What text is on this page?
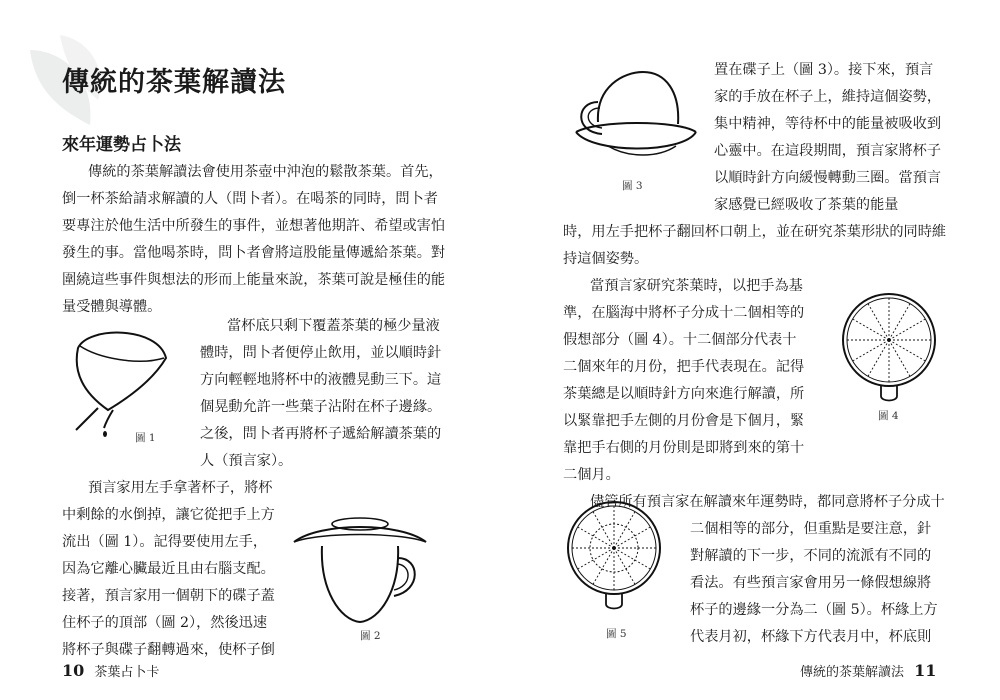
傳統的茶葉解讀法
來年運勢占卜法
傳統的茶葉解讀法會使用茶壺中沖泡的鬆散茶葉。首先，
倒一杯茶給請求解讀的人（問卜者）。在喝茶的同時，問卜者
要專注於他生活中所發生的事件，並想著他期許、希望或害怕
發生的事。當他喝茶時，問卜者會將這股能量傳遞給茶葉。對
圍繞這些事件與想法的形而上能量來說，茶葉可說是極佳的能
量受體與導體。
圖 1
當杯底只剩下覆蓋茶葉的極少量液
體時，問卜者便停止飲用，並以順時針
方向輕輕地將杯中的液體晃動三下。這
個晃動允許一些葉子沾附在杯子邊緣。
之後，問卜者再將杯子遞給解讀茶葉的
人（預言家）。
預言家用左手拿著杯子，將杯
中剩餘的水倒掉，讓它從把手上方
流出（圖 1）。記得要使用左手，
因為它離心臟最近且由右腦支配。
接著，預言家用一個朝下的碟子蓋
住杯子的頂部（圖 2），然後迅速
將杯子與碟子翻轉過來，使杯子倒
圖 2
10 茶葉占卜卡
圖 3
置在碟子上（圖 3）。接下來，預言
家的手放在杯子上，維持這個姿勢，
集中精神，等待杯中的能量被吸收到
心靈中。在這段期間，預言家將杯子
以順時針方向緩慢轉動三圈。當預言
家感覺已經吸收了茶葉的能量
時，用左手把杯子翻回杯口朝上，並在研究茶葉形狀的同時維
持這個姿勢。
當預言家研究茶葉時，以把手為基
準，在腦海中將杯子分成十二個相等的
假想部分（圖 4）。十二個部分代表十
二個來年的月份，把手代表現在。記得
茶葉總是以順時針方向來進行解讀，所
以緊靠把手左側的月份會是下個月，緊
靠把手右側的月份則是即將到來的第十
二個月。
圖 4
儘管所有預言家在解讀來年運勢時，都同意將杯子分成十
二個相等的部分，但重點是要注意，針
對解讀的下一步，不同的流派有不同的
看法。有些預言家會用另一條假想線將
杯子的邊緣一分為二（圖 5）。杯緣上方
代表月初，杯緣下方代表月中，杯底則
圖 5
傳統的茶葉解讀法 11
